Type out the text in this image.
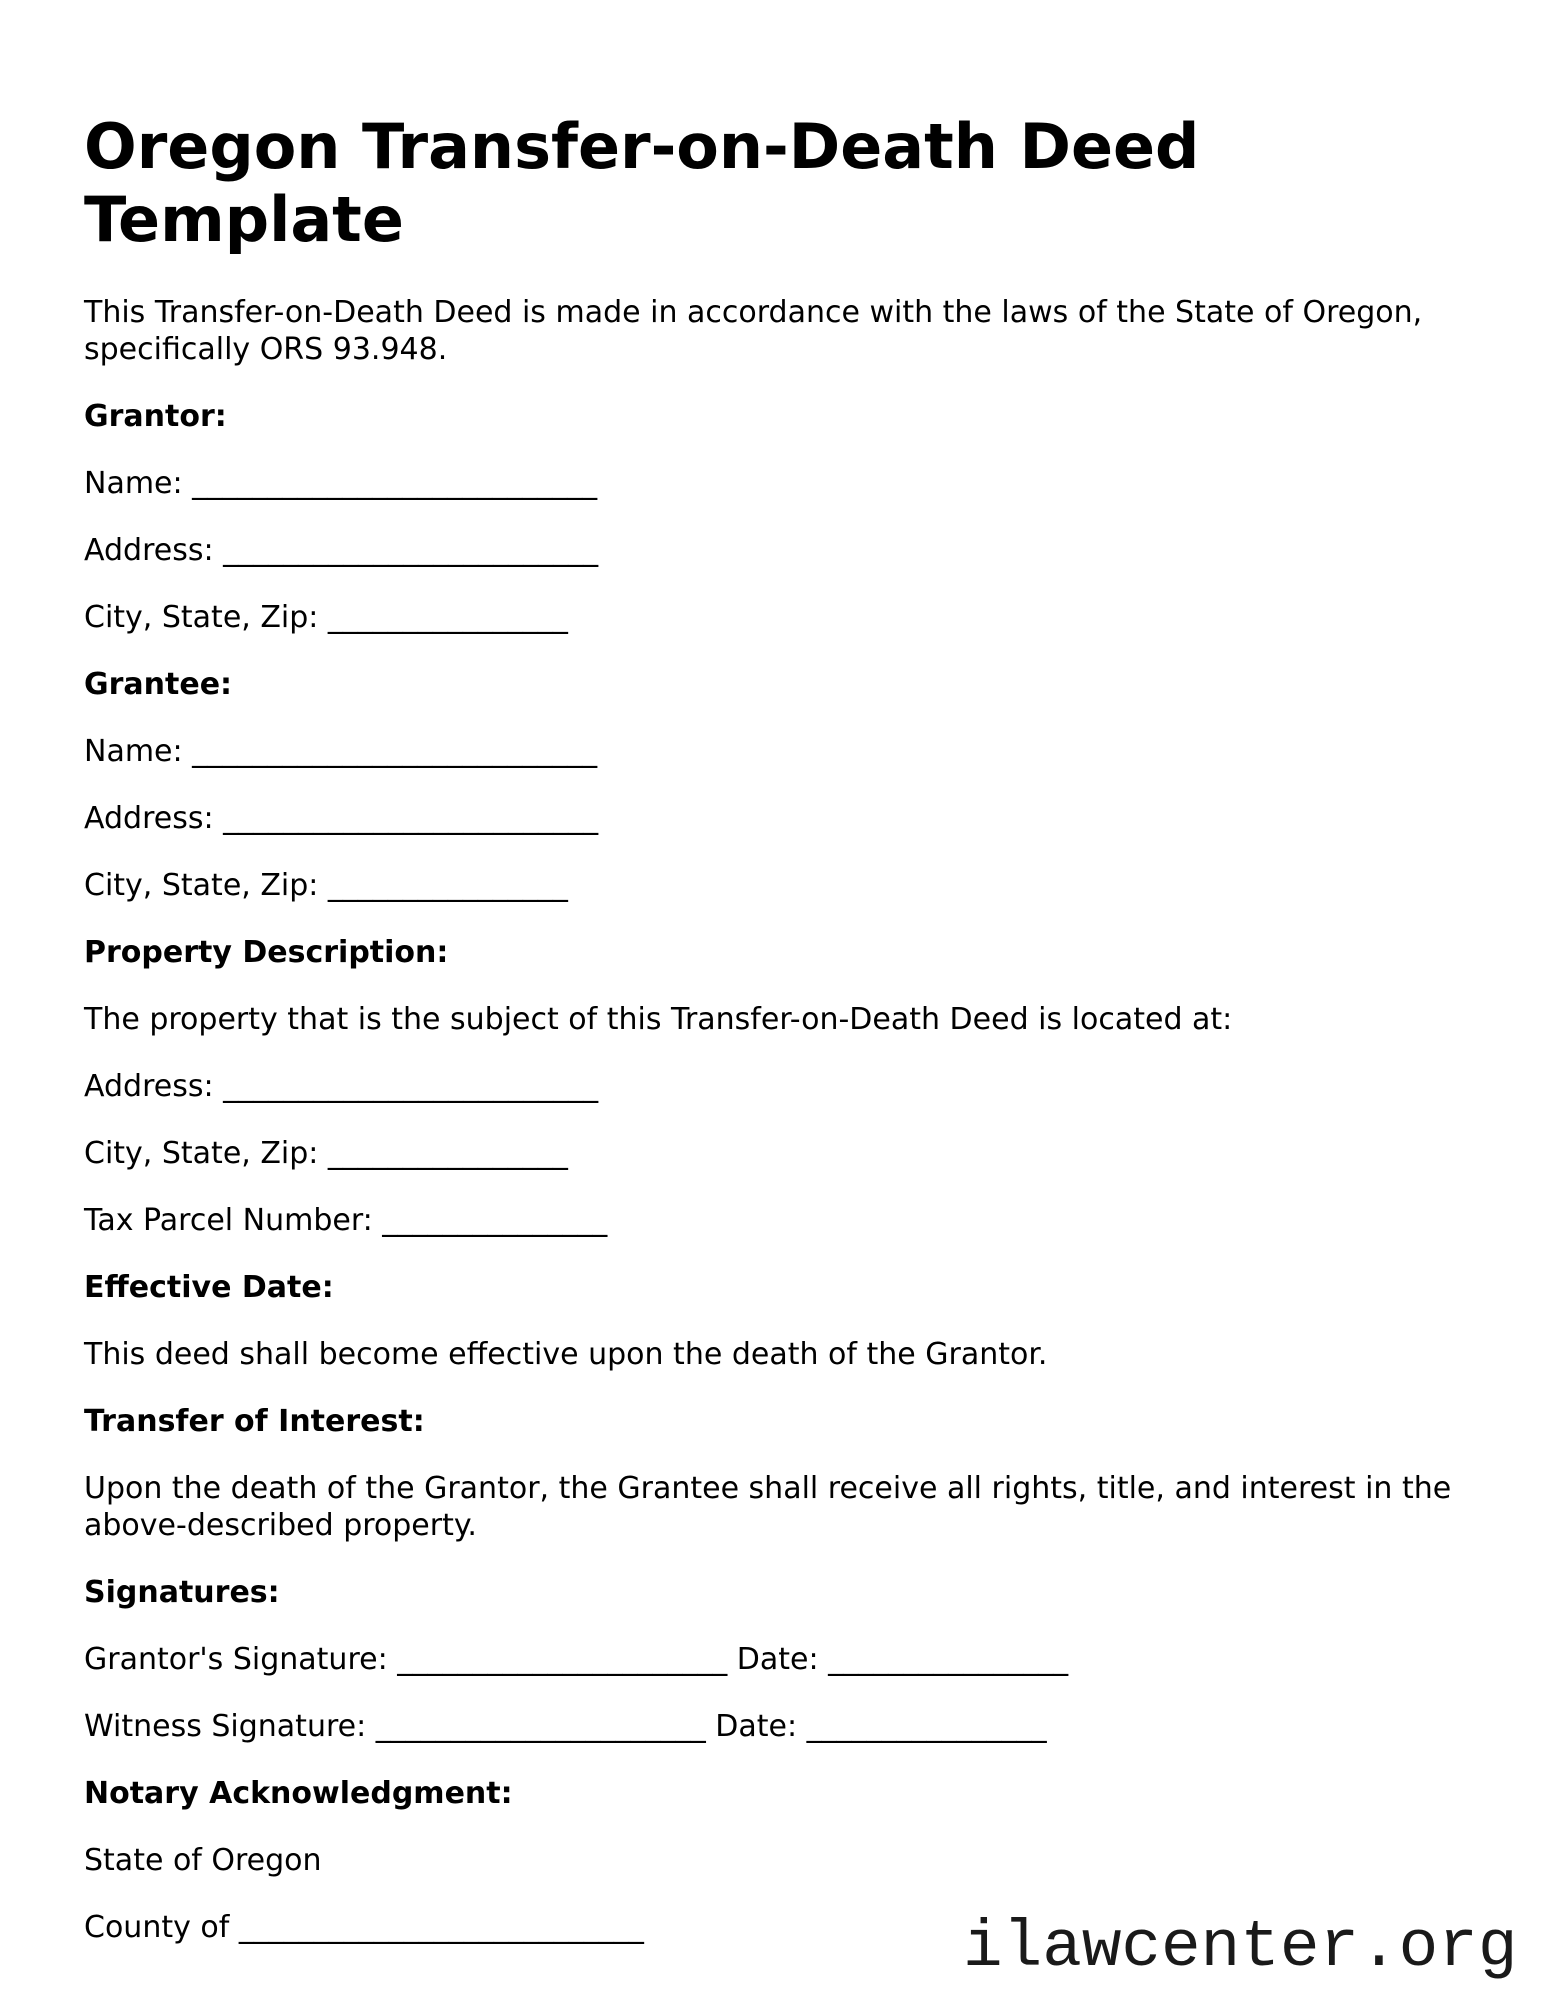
Oregon Transfer-on-Death Deed Template

This Transfer-on-Death Deed is made in accordance with the laws of the State of Oregon, specifically ORS 93.948.

Grantor:

Name: ___________________________

Address: _________________________

City, State, Zip: ________________

Grantee:

Name: ___________________________

Address: _________________________

City, State, Zip: ________________

Property Description:

The property that is the subject of this Transfer-on-Death Deed is located at:

Address: _________________________

City, State, Zip: ________________

Tax Parcel Number: _______________

Effective Date:

This deed shall become effective upon the death of the Grantor.

Transfer of Interest:

Upon the death of the Grantor, the Grantee shall receive all rights, title, and interest in the above-described property.

Signatures:

Grantor's Signature: ______________________ Date: ________________

Witness Signature: ______________________ Date: ________________

Notary Acknowledgment:

State of Oregon

County of ___________________________	ilawcenter.org
